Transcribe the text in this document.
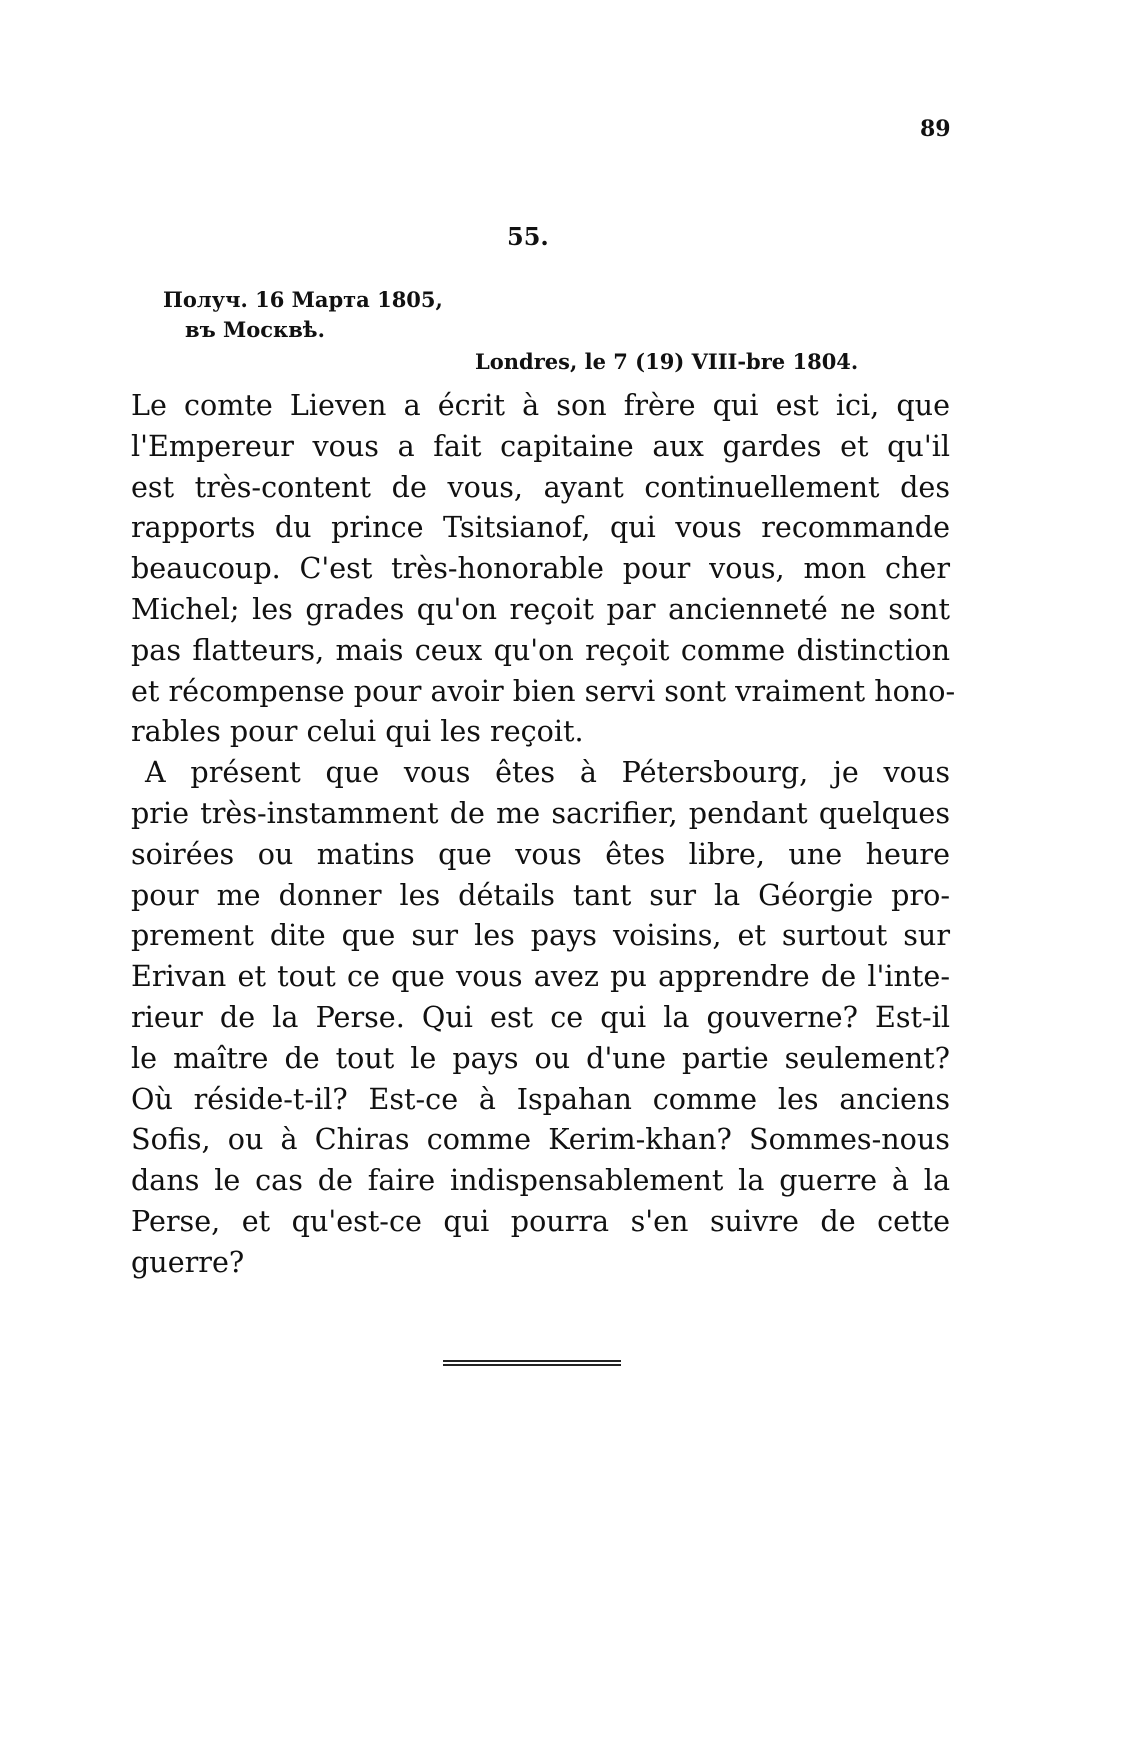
89
55.
Получ. 16 Марта 1805,
въ Москвѣ.
Londres, le 7 (19) VIII-bre 1804.

Le comte Lieven a écrit à son frère qui est ici, que
l'Empereur vous a fait capitaine aux gardes et qu'il
est très-content de vous, ayant continuellement des
rapports du prince Tsitsianof, qui vous recommande
beaucoup. C'est très-honorable pour vous, mon cher
Michel; les grades qu'on reçoit par ancienneté ne sont
pas flatteurs, mais ceux qu'on reçoit comme distinction
et récompense pour avoir bien servi sont vraiment hono-
rables pour celui qui les reçoit.

A présent que vous êtes à Pétersbourg, je vous
prie très-instamment de me sacrifier, pendant quelques
soirées ou matins que vous êtes libre, une heure
pour me donner les détails tant sur la Géorgie pro-
prement dite que sur les pays voisins, et surtout sur
Erivan et tout ce que vous avez pu apprendre de l'inte-
rieur de la Perse. Qui est ce qui la gouverne? Est-il
le maître de tout le pays ou d'une partie seulement?
Où réside-t-il? Est-ce à Ispahan comme les anciens
Sofis, ou à Chiras comme Kerim-khan? Sommes-nous
dans le cas de faire indispensablement la guerre à la
Perse, et qu'est-ce qui pourra s'en suivre de cette
guerre?
